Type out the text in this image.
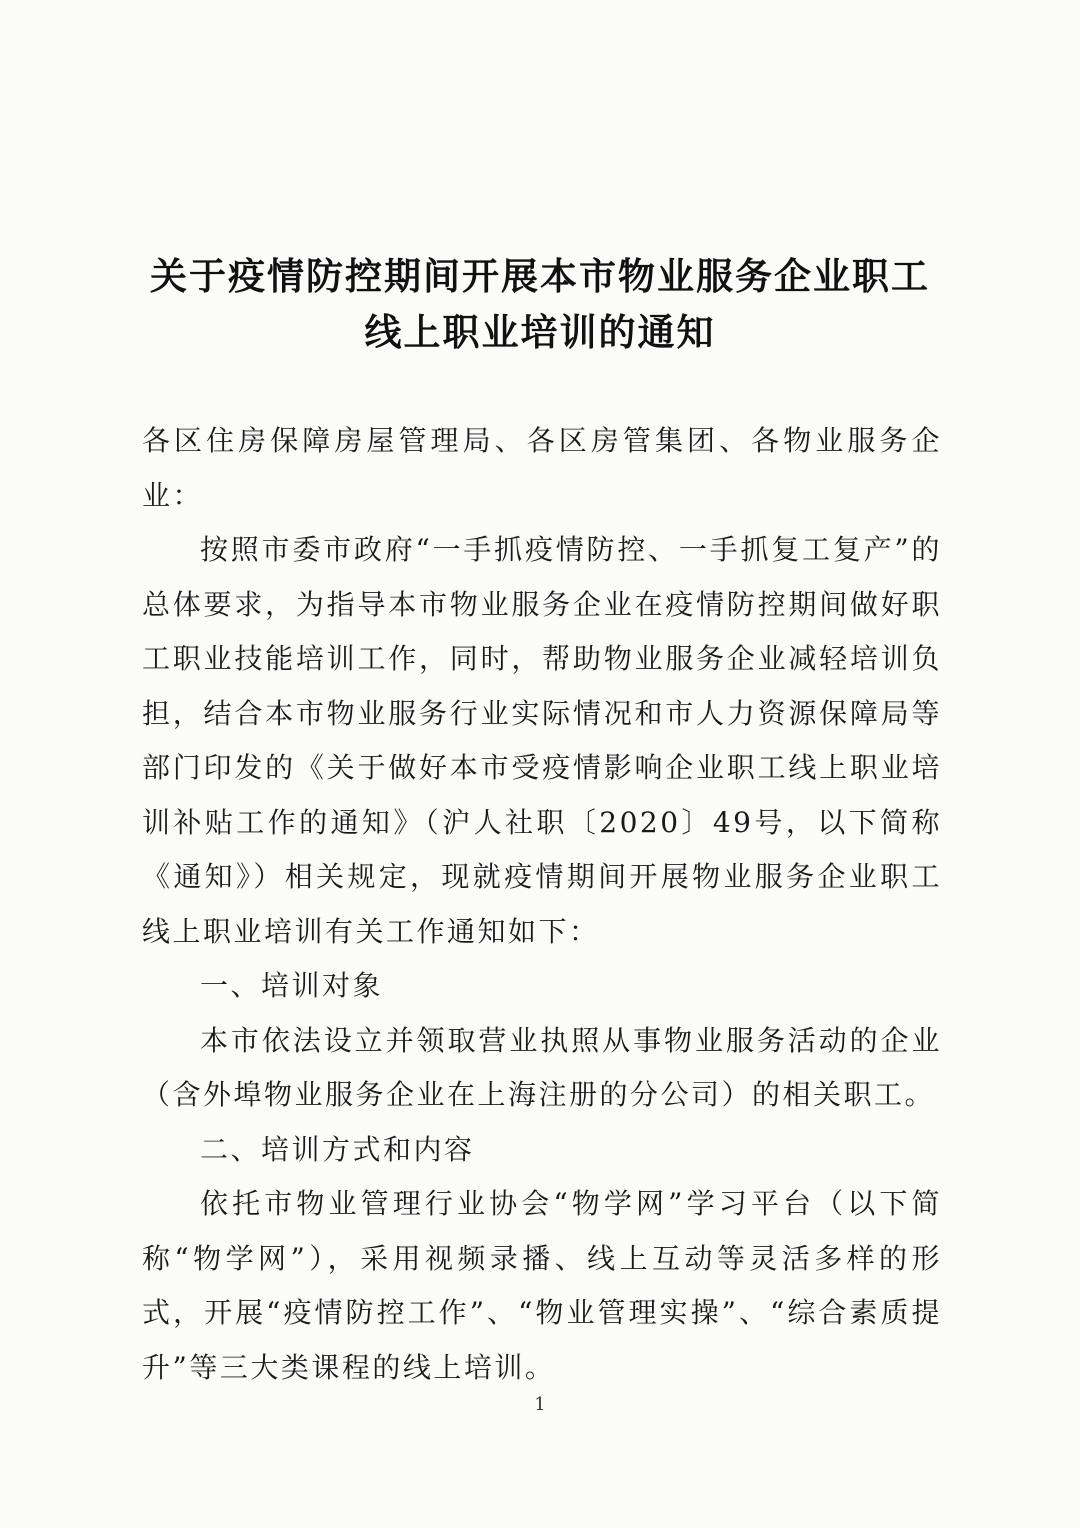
关于疫情防控期间开展本市物业服务企业职工
线上职业培训的通知

各区住房保障房屋管理局、各区房管集团、各物业服务企业：

按照市委市政府“一手抓疫情防控、一手抓复工复产”的总体要求，为指导本市物业服务企业在疫情防控期间做好职工职业技能培训工作，同时，帮助物业服务企业减轻培训负担，结合本市物业服务行业实际情况和市人力资源保障局等部门印发的《关于做好本市受疫情影响企业职工线上职业培训补贴工作的通知》（沪人社职〔2020〕49号，以下简称《通知》）相关规定，现就疫情期间开展物业服务企业职工线上职业培训有关工作通知如下：

一、培训对象

本市依法设立并领取营业执照从事物业服务活动的企业（含外埠物业服务企业在上海注册的分公司）的相关职工。

二、培训方式和内容

依托市物业管理行业协会“物学网”学习平台（以下简称“物学网”），采用视频录播、线上互动等灵活多样的形式，开展“疫情防控工作”、“物业管理实操”、“综合素质提升”等三大类课程的线上培训。

1
